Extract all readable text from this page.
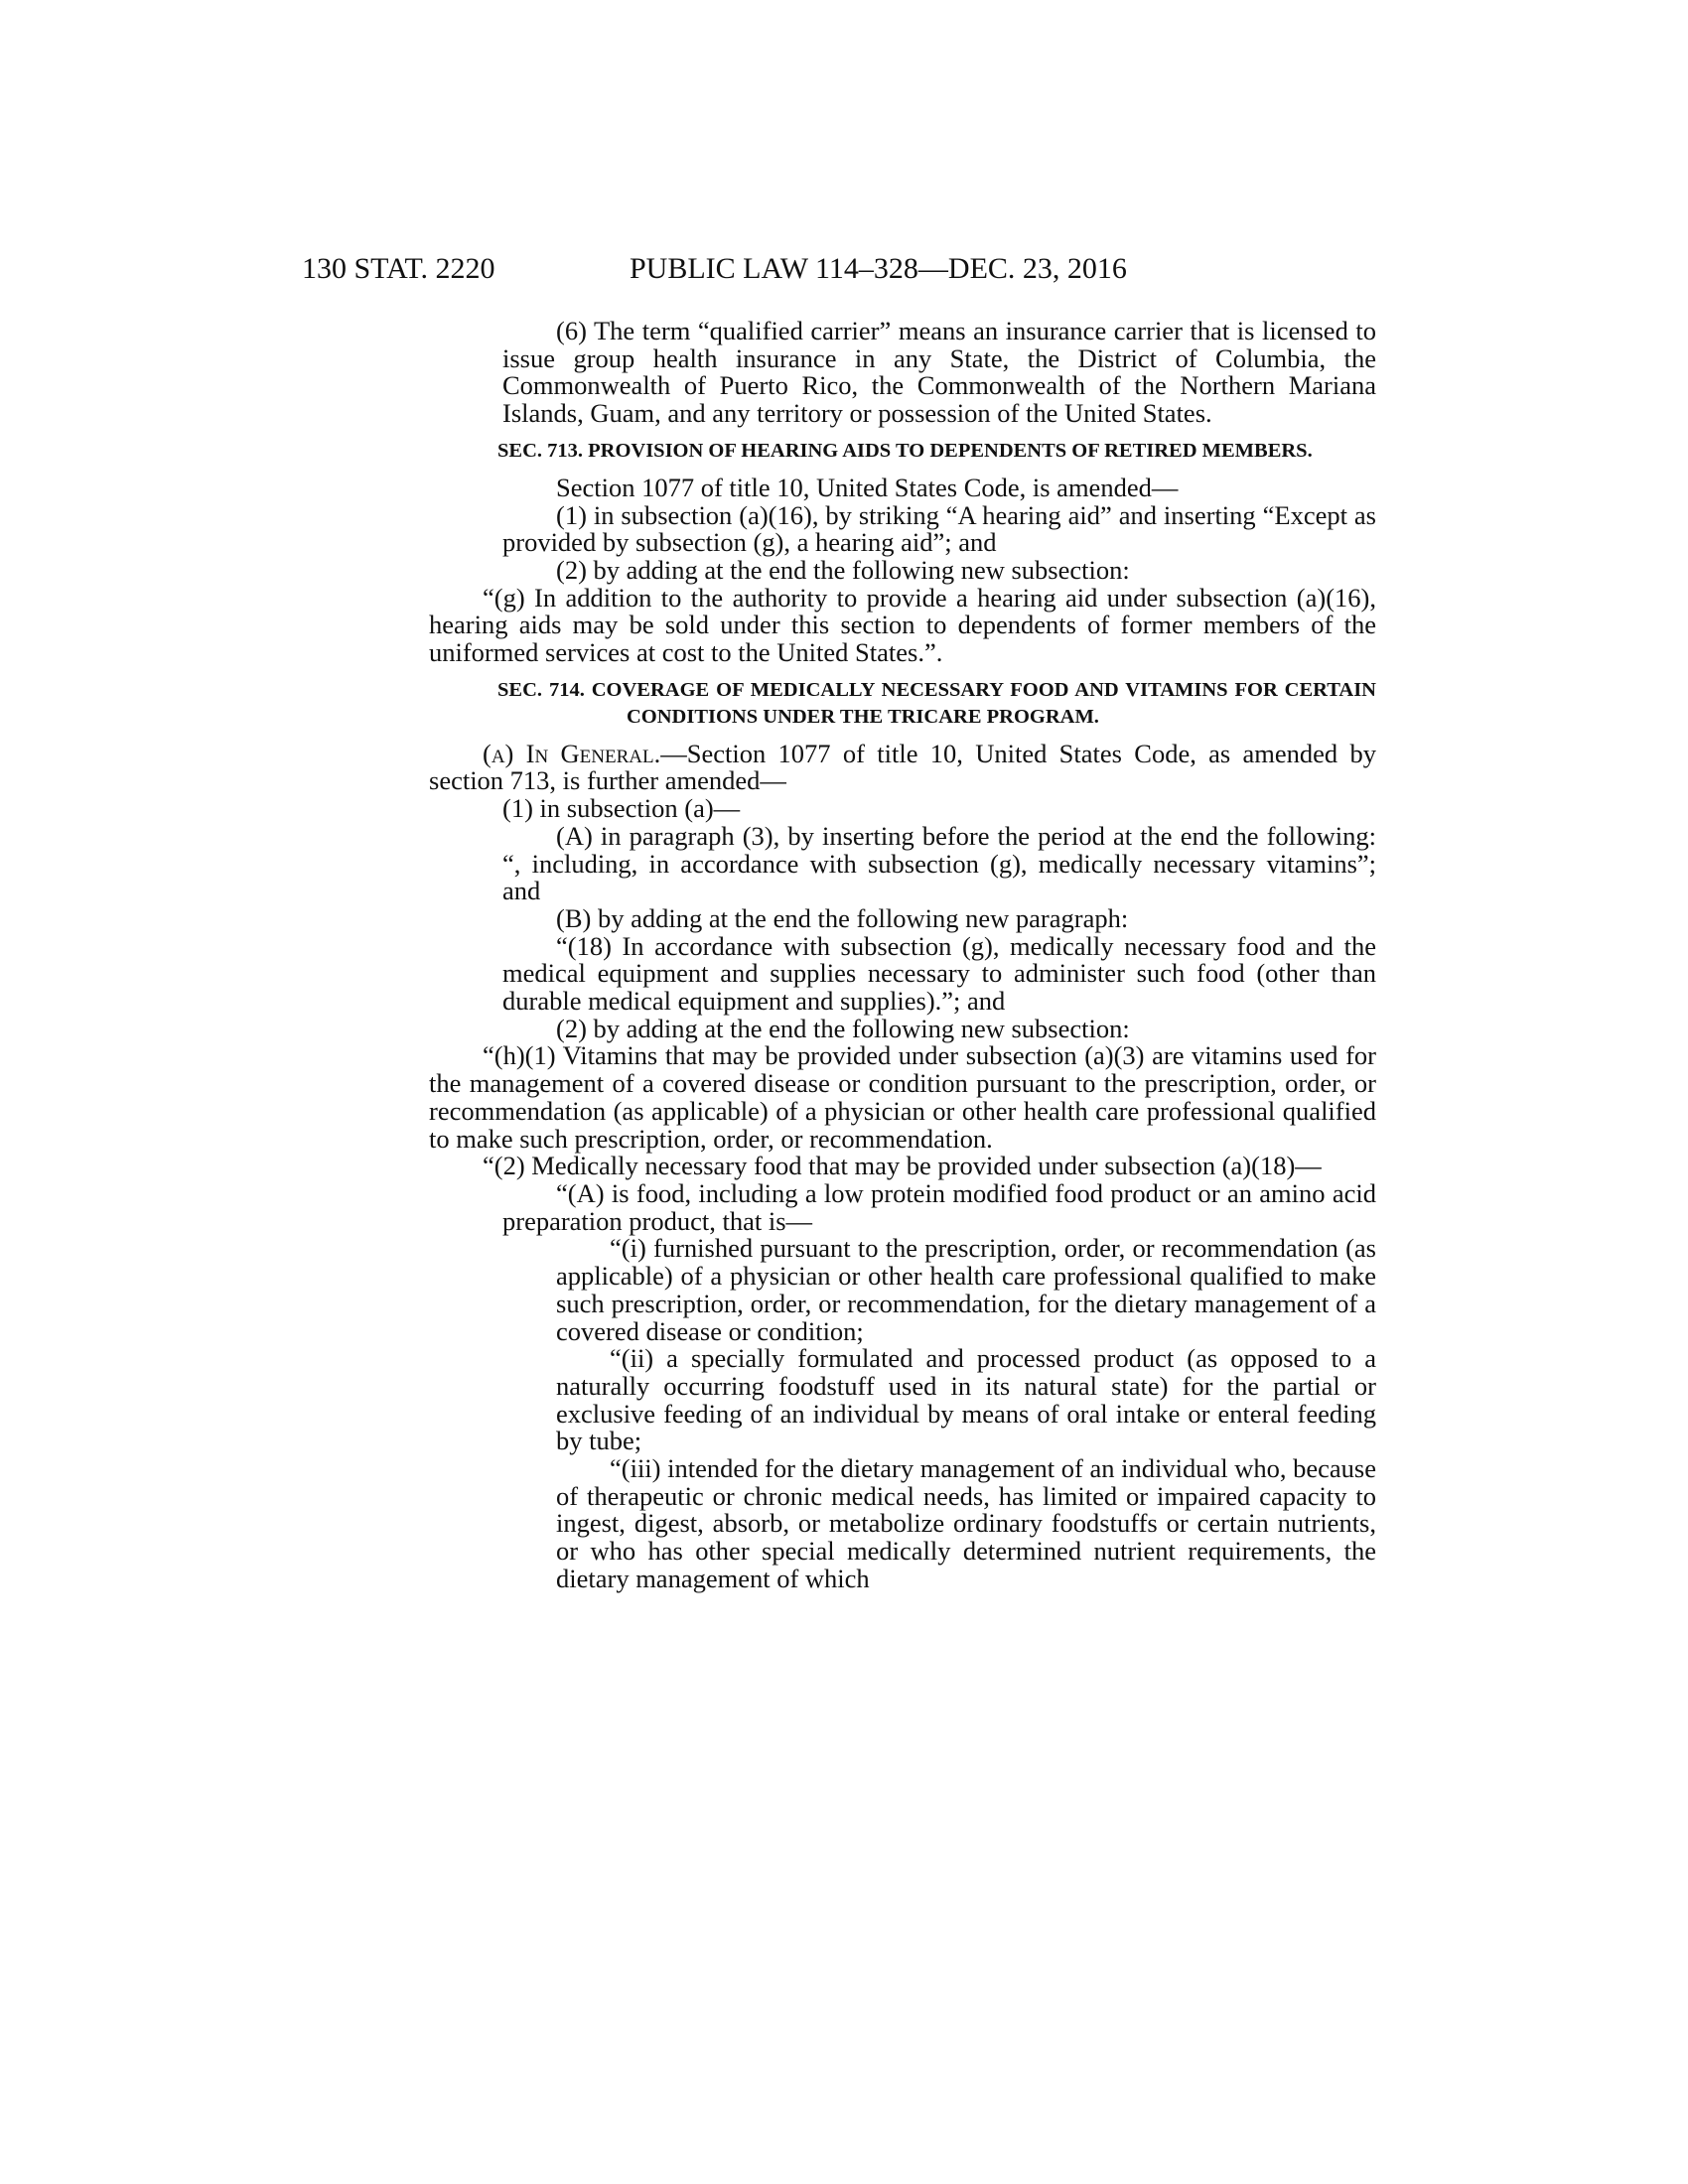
130 STAT. 2220	PUBLIC LAW 114–328—DEC. 23, 2016

(6) The term “qualified carrier” means an insurance carrier that is licensed to issue group health insurance in any State, the District of Columbia, the Commonwealth of Puerto Rico, the Commonwealth of the Northern Mariana Islands, Guam, and any territory or possession of the United States.

SEC. 713. PROVISION OF HEARING AIDS TO DEPENDENTS OF RETIRED MEMBERS.

Section 1077 of title 10, United States Code, is amended—

(1) in subsection (a)(16), by striking “A hearing aid” and inserting “Except as provided by subsection (g), a hearing aid”; and

(2) by adding at the end the following new subsection:

“(g) In addition to the authority to provide a hearing aid under subsection (a)(16), hearing aids may be sold under this section to dependents of former members of the uniformed services at cost to the United States.”.

SEC. 714. COVERAGE OF MEDICALLY NECESSARY FOOD AND VITAMINS FOR CERTAIN CONDITIONS UNDER THE TRICARE PROGRAM.

(a) In General.—Section 1077 of title 10, United States Code, as amended by section 713, is further amended—

(1) in subsection (a)—

(A) in paragraph (3), by inserting before the period at the end the following: “, including, in accordance with subsection (g), medically necessary vitamins”; and

(B) by adding at the end the following new paragraph:

“(18) In accordance with subsection (g), medically necessary food and the medical equipment and supplies necessary to administer such food (other than durable medical equipment and supplies).”; and

(2) by adding at the end the following new subsection:

“(h)(1) Vitamins that may be provided under subsection (a)(3) are vitamins used for the management of a covered disease or condition pursuant to the prescription, order, or recommendation (as applicable) of a physician or other health care professional qualified to make such prescription, order, or recommendation.

“(2) Medically necessary food that may be provided under subsection (a)(18)—

“(A) is food, including a low protein modified food product or an amino acid preparation product, that is—

“(i) furnished pursuant to the prescription, order, or recommendation (as applicable) of a physician or other health care professional qualified to make such prescription, order, or recommendation, for the dietary management of a covered disease or condition;

“(ii) a specially formulated and processed product (as opposed to a naturally occurring foodstuff used in its natural state) for the partial or exclusive feeding of an individual by means of oral intake or enteral feeding by tube;

“(iii) intended for the dietary management of an individual who, because of therapeutic or chronic medical needs, has limited or impaired capacity to ingest, digest, absorb, or metabolize ordinary foodstuffs or certain nutrients, or who has other special medically determined nutrient requirements, the dietary management of which
